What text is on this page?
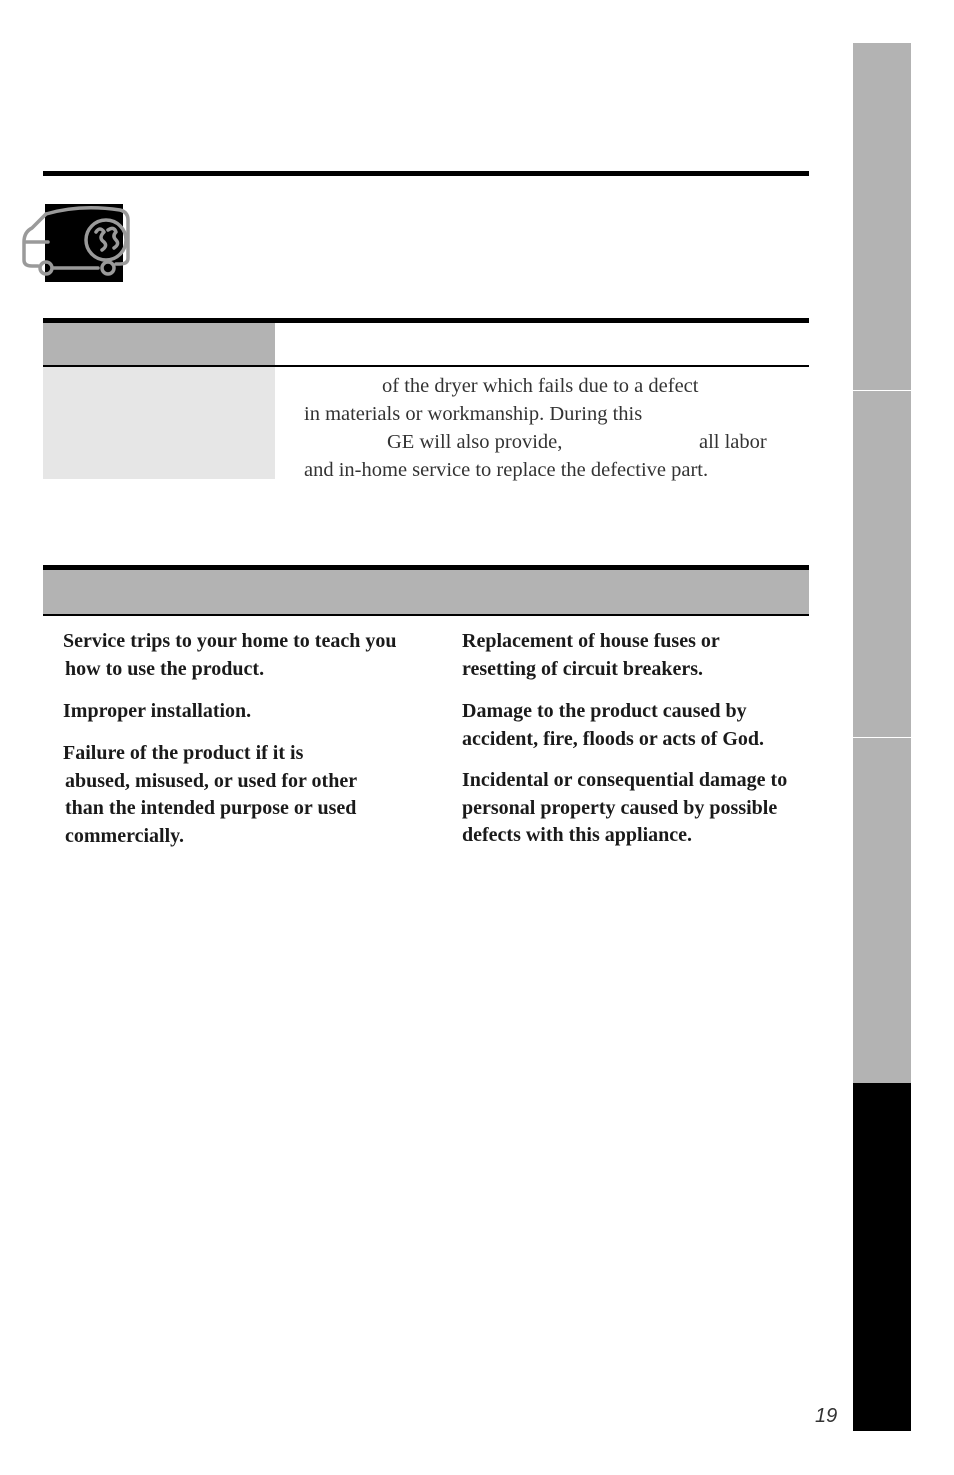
of the dryer which fails due to a defect
in materials or workmanship. During this
GE will also provide,	all labor
and in-home service to replace the defective part.
Service trips to your home to teach you
how to use the product.
Improper installation.
Failure of the product if it is
abused, misused, or used for other
than the intended purpose or used
commercially.
Replacement of house fuses or
resetting of circuit breakers.
Damage to the product caused by
accident, fire, floods or acts of God.
Incidental or consequential damage to
personal property caused by possible
defects with this appliance.
19
